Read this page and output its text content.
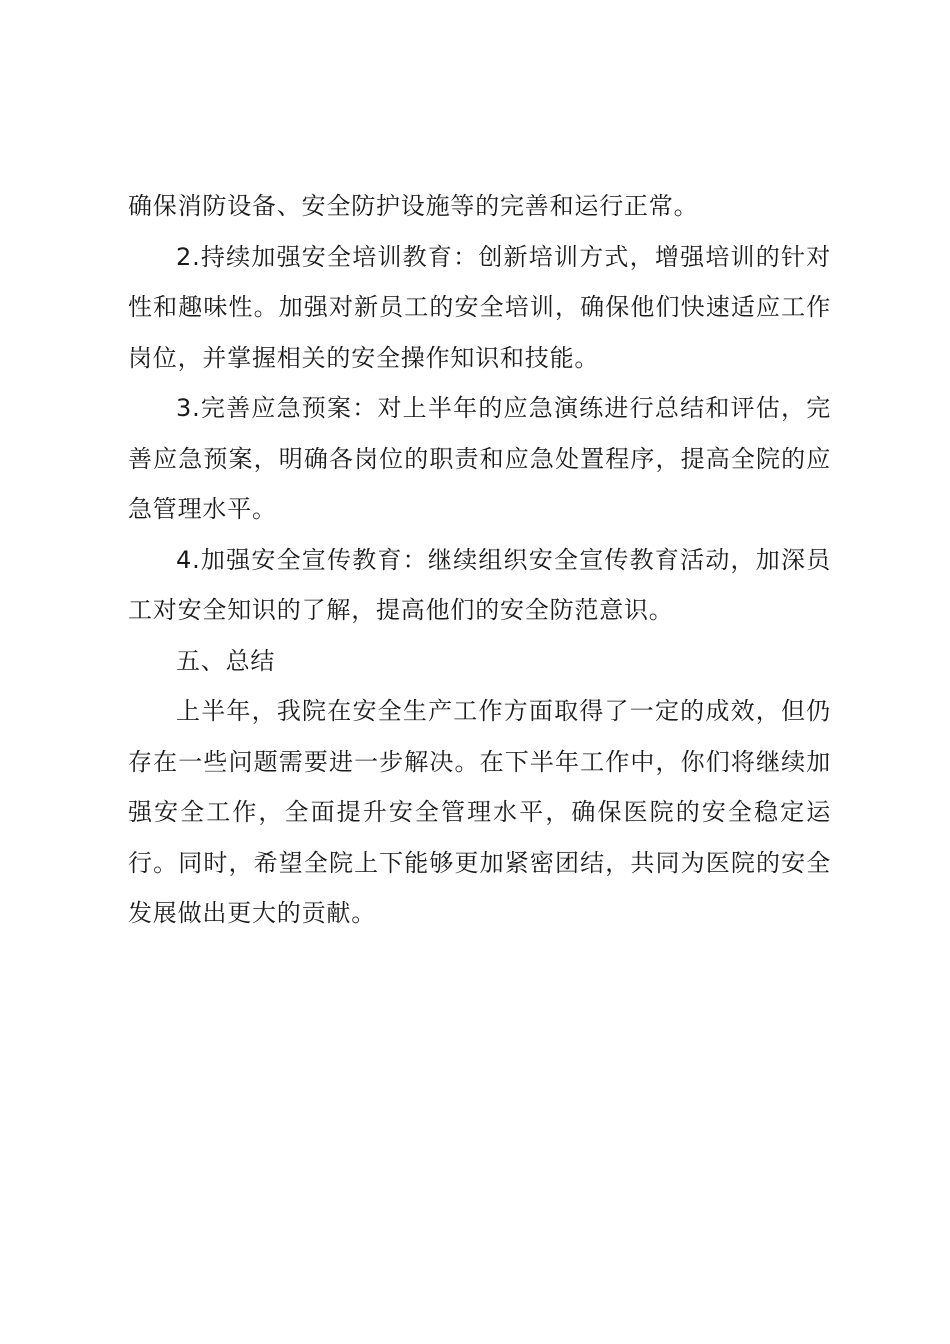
确保消防设备、安全防护设施等的完善和运行正常。

2.持续加强安全培训教育：创新培训方式，增强培训的针对性和趣味性。加强对新员工的安全培训，确保他们快速适应工作岗位，并掌握相关的安全操作知识和技能。

3.完善应急预案：对上半年的应急演练进行总结和评估，完善应急预案，明确各岗位的职责和应急处置程序，提高全院的应急管理水平。

4.加强安全宣传教育：继续组织安全宣传教育活动，加深员工对安全知识的了解，提高他们的安全防范意识。

五、总结

上半年，我院在安全生产工作方面取得了一定的成效，但仍存在一些问题需要进一步解决。在下半年工作中，你们将继续加强安全工作，全面提升安全管理水平，确保医院的安全稳定运行。同时，希望全院上下能够更加紧密团结，共同为医院的安全发展做出更大的贡献。
